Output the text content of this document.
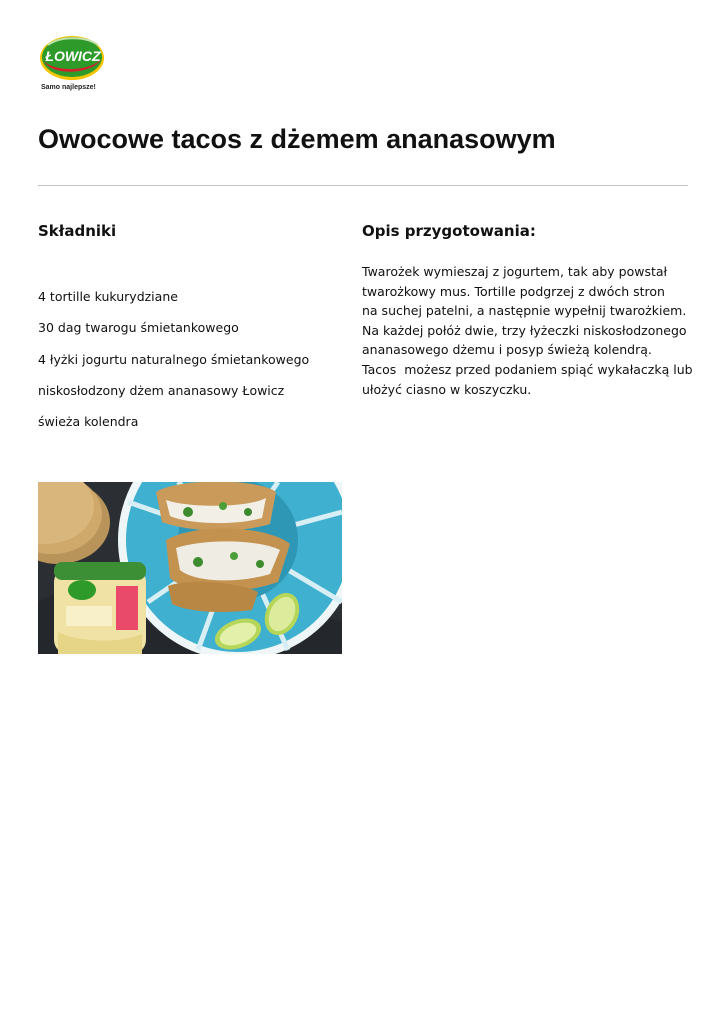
ŁOWICZ
Samo najlepsze!
Owocowe tacos z dżemem ananasowym
Składniki	Opis przygotowania:
4 tortille kukurydziane
30 dag twarogu śmietankowego
4 łyżki jogurtu naturalnego śmietankowego
niskosłodzony dżem ananasowy Łowicz
świeża kolendra

Twarożek wymieszaj z jogurtem, tak aby powstał
twarożkowy mus. Tortille podgrzej z dwóch stron
na suchej patelni, a następnie wypełnij twarożkiem.
Na każdej połóż dwie, trzy łyżeczki niskosłodzonego
ananasowego dżemu i posyp świeżą kolendrą.
Tacos  możesz przed podaniem spiąć wykałaczką lub
ułożyć ciasno w koszyczku.
